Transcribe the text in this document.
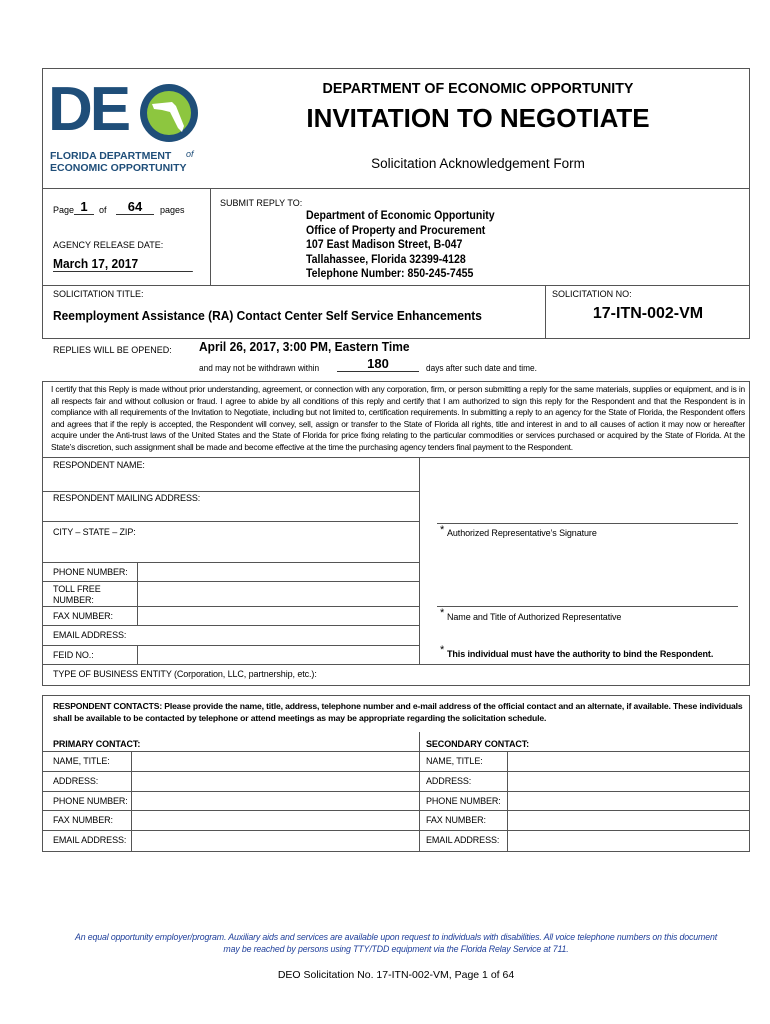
DE
FLORIDA DEPARTMENT of
ECONOMIC OPPORTUNITY
DEPARTMENT OF ECONOMIC OPPORTUNITY
INVITATION TO NEGOTIATE
Solicitation Acknowledgement Form
Page 1	of	64	pages
AGENCY RELEASE DATE:
March 17, 2017
SUBMIT REPLY TO:
Department of Economic Opportunity
Office of Property and Procurement
107 East Madison Street, B-047
Tallahassee, Florida 32399-4128
Telephone Number: 850-245-7455
SOLICITATION TITLE:
Reemployment Assistance (RA) Contact Center Self Service Enhancements
SOLICITATION NO:
17-ITN-002-VM
REPLIES WILL BE OPENED: April 26, 2017, 3:00 PM, Eastern Time
and may not be withdrawn within	180	days after such date and time.
I certify that this Reply is made without prior understanding, agreement, or connection with any corporation, firm, or person submitting a reply for the same materials, supplies or equipment, and is in all respects fair and without collusion or fraud. I agree to abide by all conditions of this reply and certify that I am authorized to sign this reply for the Respondent and that the Respondent is in compliance with all requirements of the Invitation to Negotiate, including but not limited to, certification requirements. In submitting a reply to an agency for the State of Florida, the Respondent offers and agrees that if the reply is accepted, the Respondent will convey, sell, assign or transfer to the State of Florida all rights, title and interest in and to all causes of action it may now or hereafter acquire under the Anti-trust laws of the United States and the State of Florida for price fixing relating to the particular commodities or services purchased or acquired by the State of Florida. At the State’s discretion, such assignment shall be made and become effective at the time the purchasing agency tenders final payment to the Respondent.
RESPONDENT NAME:
RESPONDENT MAILING ADDRESS:
CITY – STATE – ZIP:
PHONE NUMBER:
TOLL FREE
NUMBER:
FAX NUMBER:
EMAIL ADDRESS:
FEID NO.:
TYPE OF BUSINESS ENTITY (Corporation, LLC, partnership, etc.):
* Authorized Representative’s Signature
* Name and Title of Authorized Representative
* This individual must have the authority to bind the Respondent.
RESPONDENT CONTACTS: Please provide the name, title, address, telephone number and e-mail address of the official contact and an alternate, if available. These individuals shall be available to be contacted by telephone or attend meetings as may be appropriate regarding the solicitation schedule.
PRIMARY CONTACT:	SECONDARY CONTACT:
NAME, TITLE:
ADDRESS:
PHONE NUMBER:
FAX NUMBER:
EMAIL ADDRESS:
NAME, TITLE:
ADDRESS:
PHONE NUMBER:
FAX NUMBER:
EMAIL ADDRESS:
An equal opportunity employer/program. Auxiliary aids and services are available upon request to individuals with disabilities. All voice telephone numbers on this document
may be reached by persons using TTY/TDD equipment via the Florida Relay Service at 711.
DEO Solicitation No. 17-ITN-002-VM, Page 1 of 64
